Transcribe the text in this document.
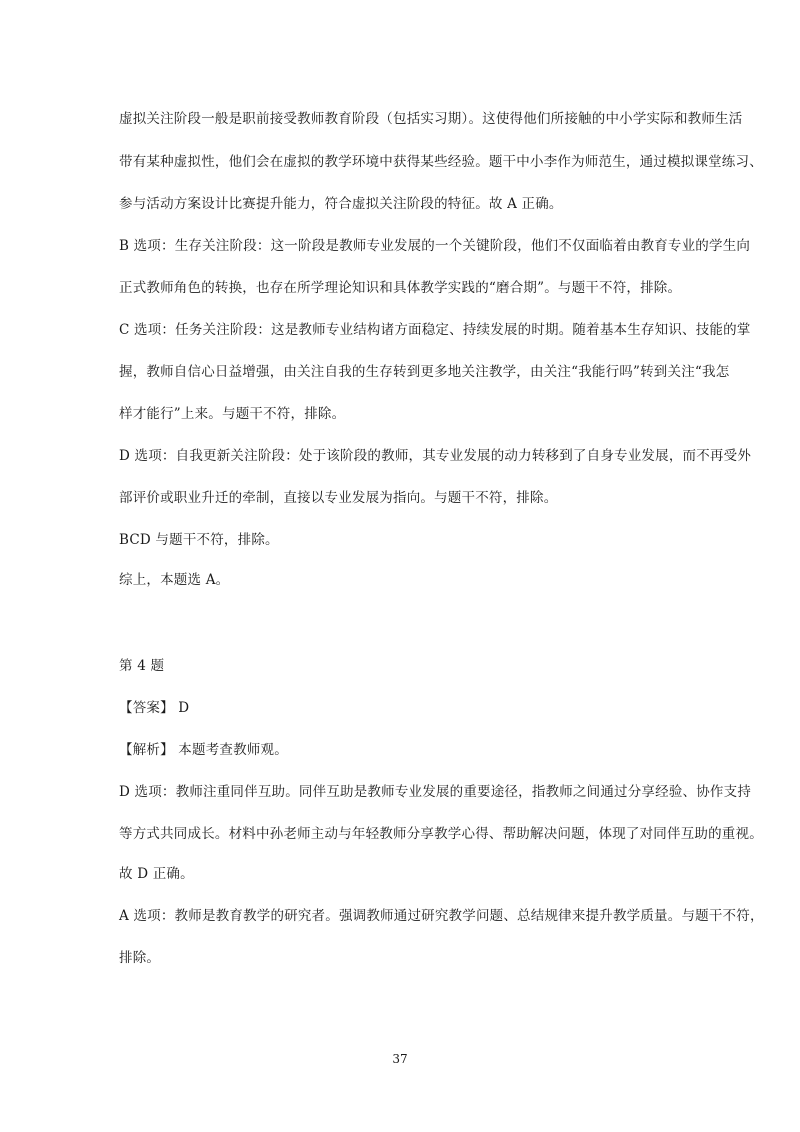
虚拟关注阶段一般是职前接受教师教育阶段（包括实习期）。这使得他们所接触的中小学实际和教师生活
带有某种虚拟性，他们会在虚拟的教学环境中获得某些经验。题干中小李作为师范生，通过模拟课堂练习、
参与活动方案设计比赛提升能力，符合虚拟关注阶段的特征。故 A 正确。
B 选项：生存关注阶段：这一阶段是教师专业发展的一个关键阶段，他们不仅面临着由教育专业的学生向
正式教师角色的转换，也存在所学理论知识和具体教学实践的“磨合期”。与题干不符，排除。
C 选项：任务关注阶段：这是教师专业结构诸方面稳定、持续发展的时期。随着基本生存知识、技能的掌
握，教师自信心日益增强，由关注自我的生存转到更多地关注教学，由关注“我能行吗”转到关注“我怎
样才能行”上来。与题干不符，排除。
D 选项：自我更新关注阶段：处于该阶段的教师，其专业发展的动力转移到了自身专业发展，而不再受外
部评价或职业升迁的牵制，直接以专业发展为指向。与题干不符，排除。
BCD 与题干不符，排除。
综上，本题选 A。
第 4 题
【答案】 D
【解析】 本题考查教师观。
D 选项：教师注重同伴互助。同伴互助是教师专业发展的重要途径，指教师之间通过分享经验、协作支持
等方式共同成长。材料中孙老师主动与年轻教师分享教学心得、帮助解决问题，体现了对同伴互助的重视。
故 D 正确。
A 选项：教师是教育教学的研究者。强调教师通过研究教学问题、总结规律来提升教学质量。与题干不符，
排除。
37
